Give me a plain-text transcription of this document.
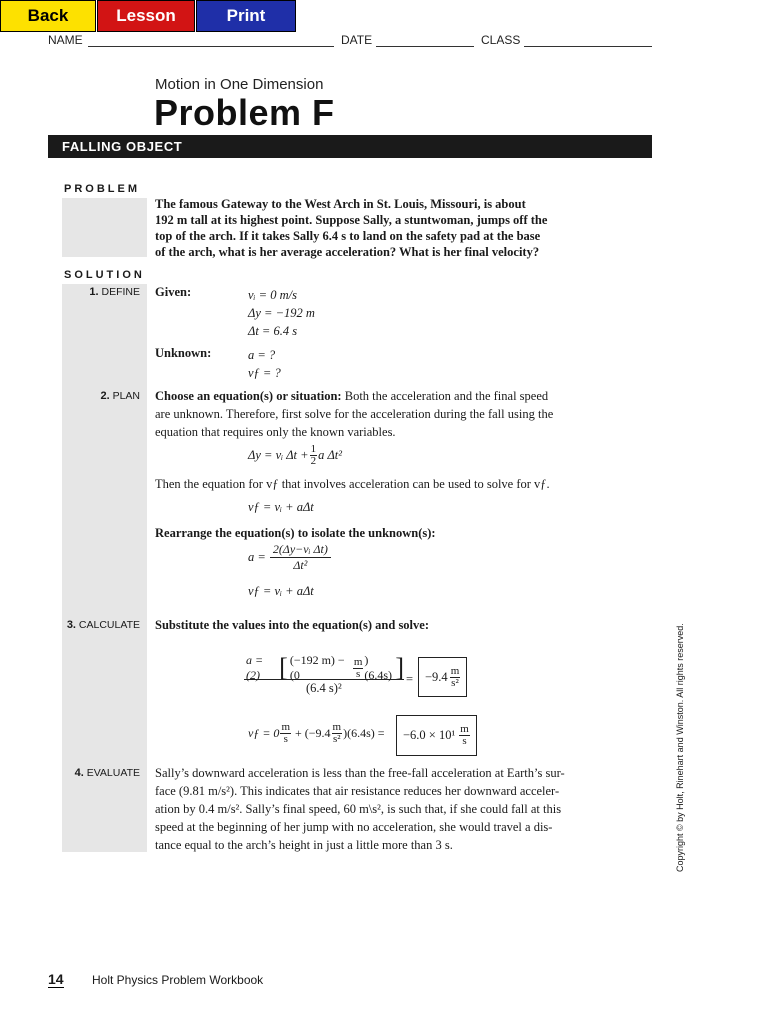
Back	Lesson	Print
NAME	DATE	CLASS
Motion in One Dimension
Problem F
FALLING OBJECT
PROBLEM
The famous Gateway to the West Arch in St. Louis, Missouri, is about
192 m tall at its highest point. Suppose Sally, a stuntwoman, jumps off the
top of the arch. If it takes Sally 6.4 s to land on the safety pad at the base
of the arch, what is her average acceleration? What is her final velocity?
SOLUTION
1. DEFINE Given:	vᵢ = 0 m/s
Δy = −192 m
Δt = 6.4 s
Unknown:	a = ?
vƒ = ?
2. PLAN Choose an equation(s) or situation: Both the acceleration and the final speed
are unknown. Therefore, first solve for the acceleration during the fall using the
equation that requires only the known variables.
Δy = vᵢ $\Delta t + \frac{1}{2}$ a Δt²
Then the equation for vƒ that involves acceleration can be used to solve for vƒ.
vƒ = vᵢ + aΔt
Rearrange the equation(s) to isolate the unknown(s):
$a = \frac{\text{2(Δy−vᵢ Δt)}}{\text{Δt²}}$
vƒ = vᵢ + aΔt
3. CALCULATE Substitute the values into the equation(s) and solve:
a = (2) [ (−192 m) − (0	$\frac{m}{s} )(6.4s)$ ]
(6.4 s)²
= $-9.4 \frac{m}{\text{s²}}$
vƒ = $0 \frac{m}{s} + (-9.4 \frac{m}{\text{s²}} )(6.4s) = -6.0 \times 10^1 \frac{m}{s}$
4. EVALUATE Sally’s downward acceleration is less than the free-fall acceleration at Earth’s sur-
face (9.81 m/s²). This indicates that air resistance reduces her downward acceler-
ation by 0.4 m/s². Sally’s final speed, 60 m\s², is such that, if she could fall at this
speed at the beginning of her jump with no acceleration, she would travel a dis-
tance equal to the arch’s height in just a little more than 3 s.	Copyright © by Holt, Rinehart and Winston. All rights reserved.
14 Holt Physics Problem Workbook
